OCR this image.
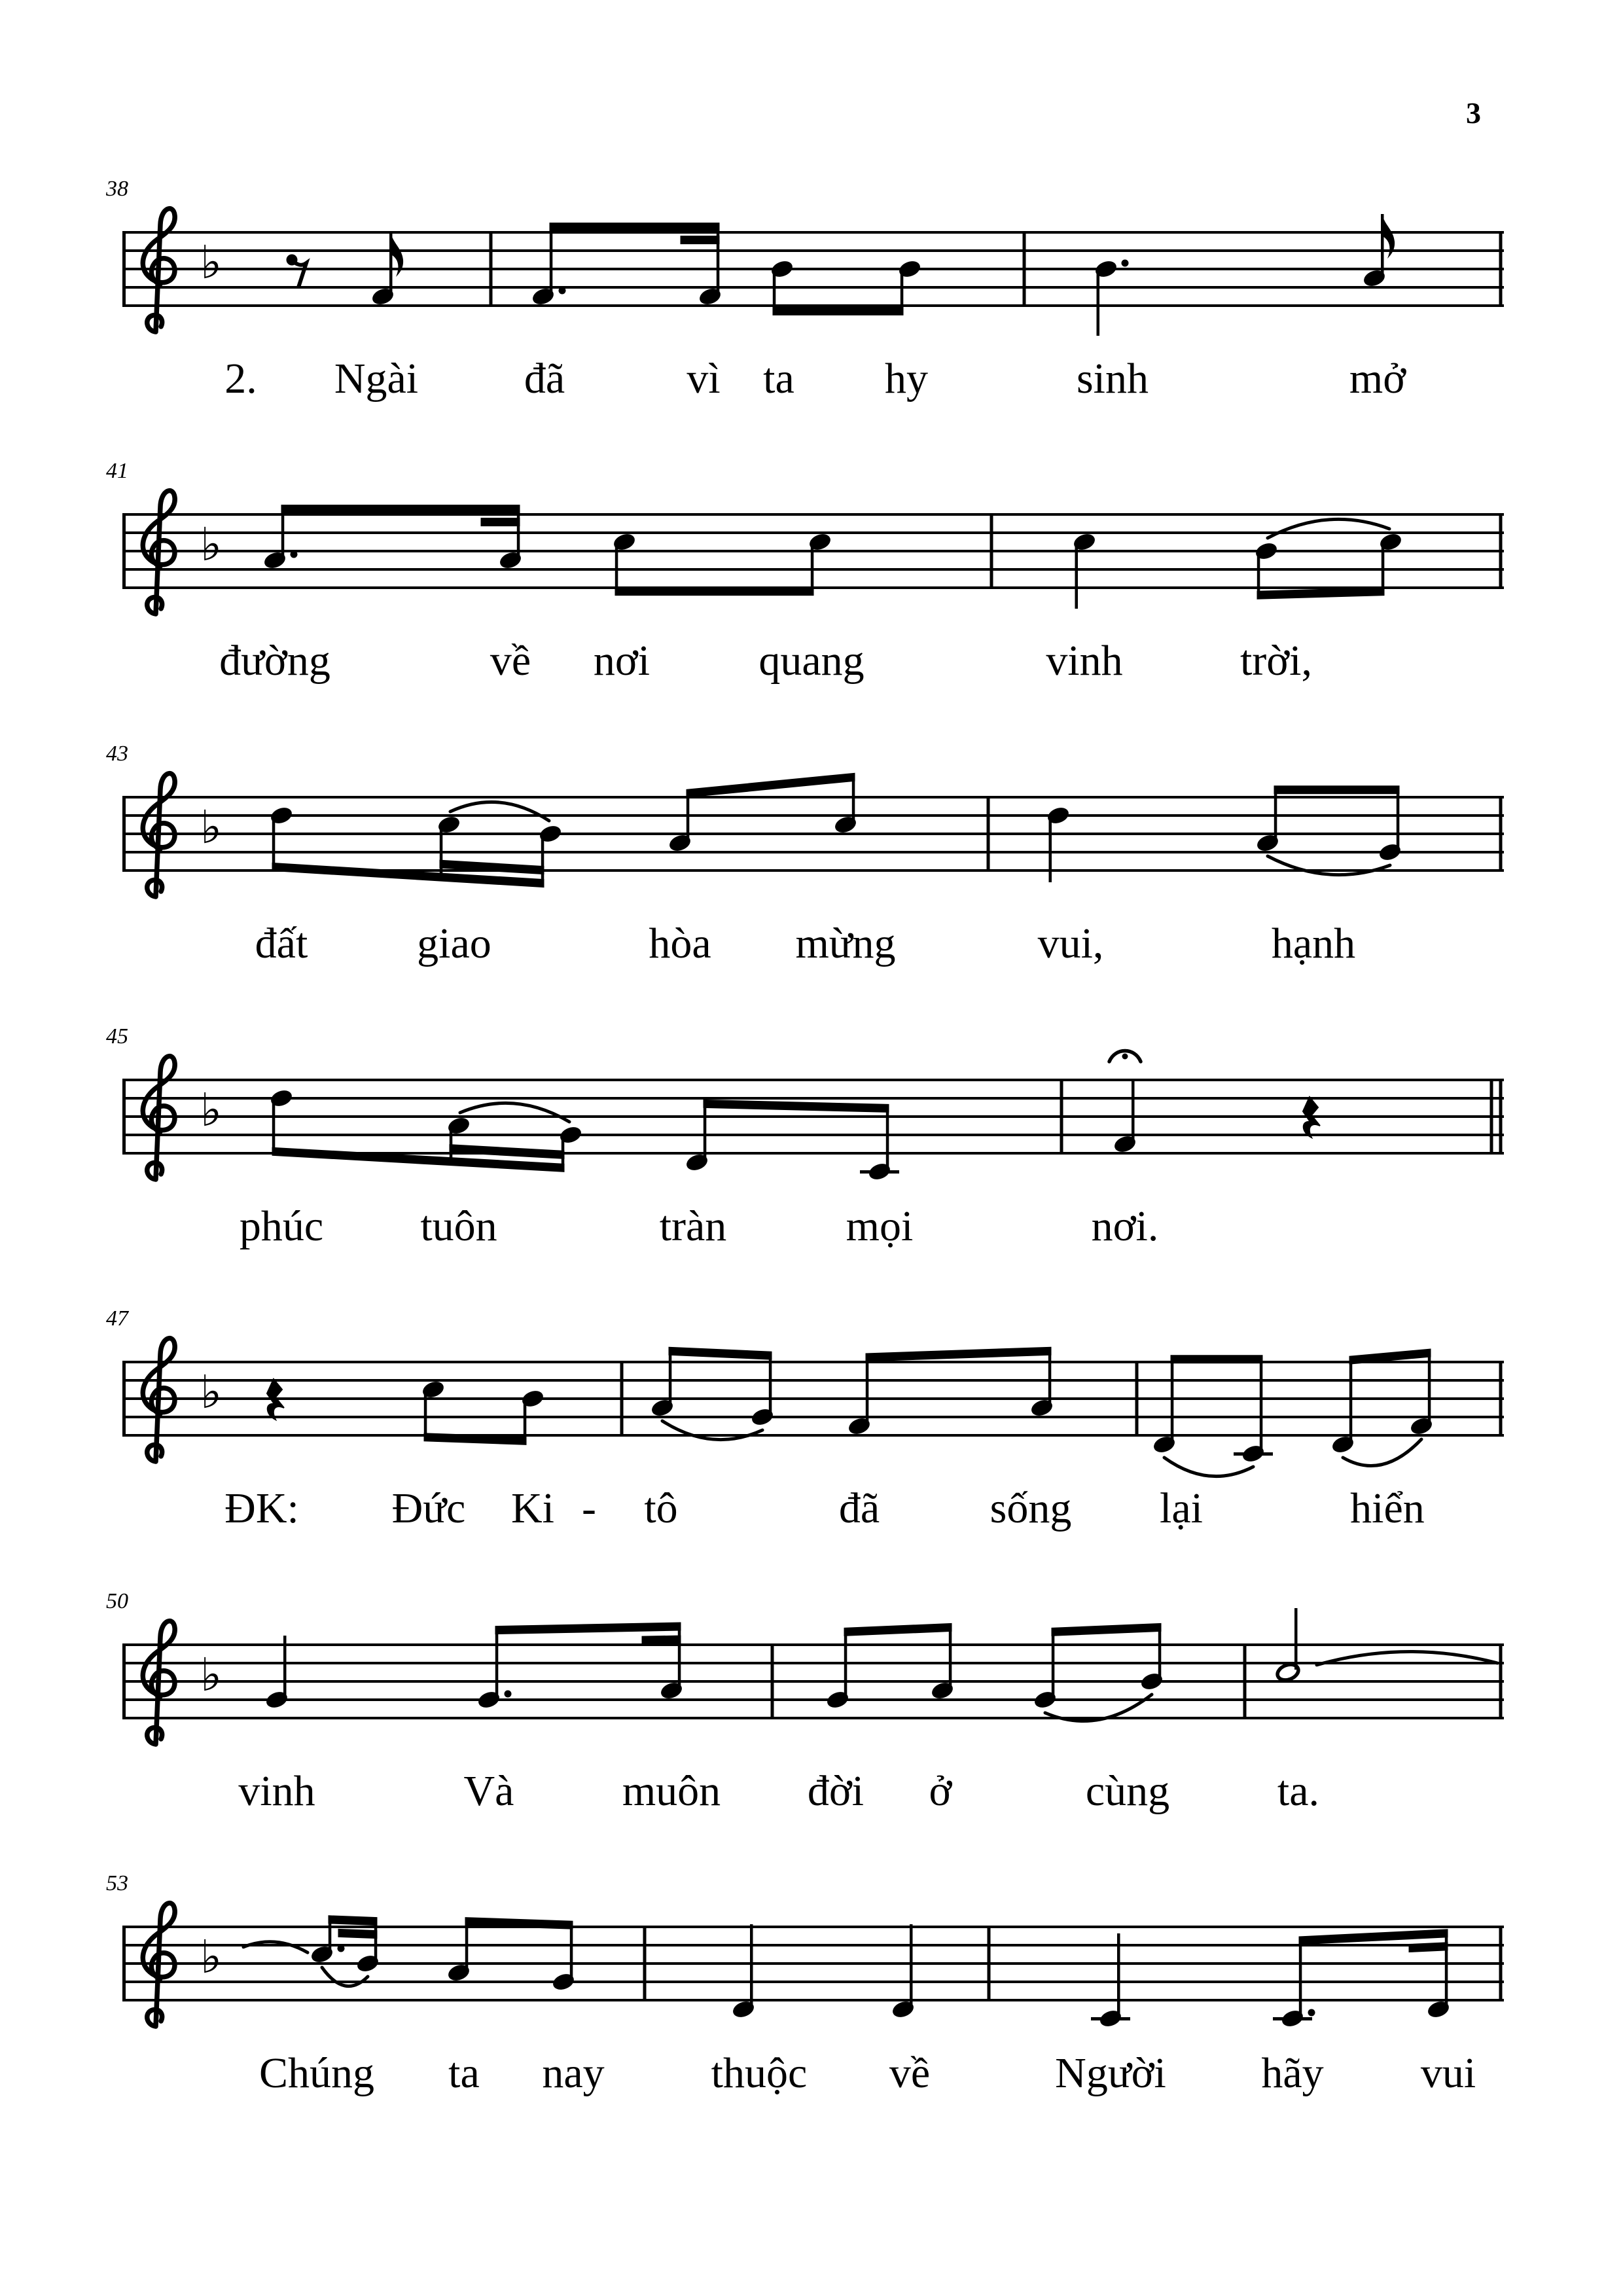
3
38
♭
2. Ngài đã	vì ta hy	sinh	mở
41
♭
đường	về nơi	quang	vinh	trời,
43
♭
đất	giao	hòa mừng	vui,	hạnh
45
♭
phúc tuôn	tràn	mọi	nơi.
47
♭
ĐK: Đức Ki - tô	đã	sống lại	hiển
50
♭
vinh	Và	muôn đời ở	cùng ta.
53
♭
Chúng ta nay thuộc về	Người hãy vui
